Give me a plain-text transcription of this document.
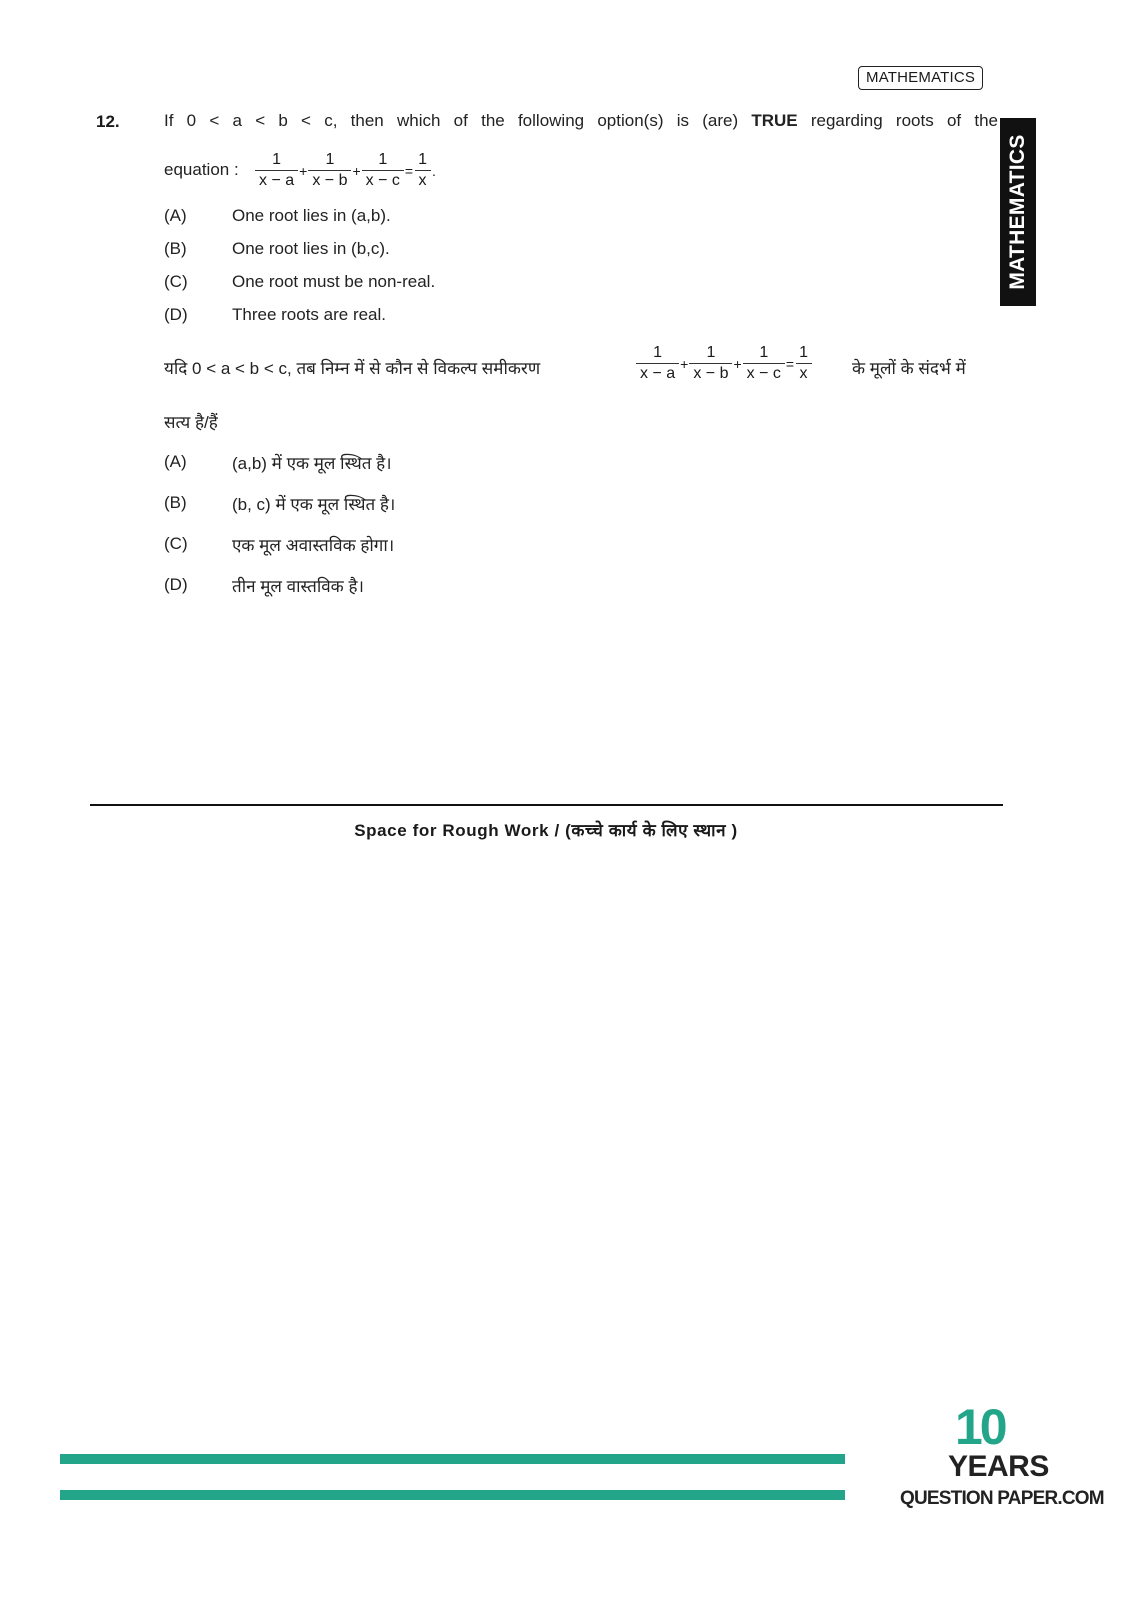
MATHEMATICS
MATHEMATICS
12.	If 0 < a < b < c, then which of the following option(s) is (are) TRUE regarding roots of the
equation : $\frac{1}{x - a} + \frac{1}{x - b} + \frac{1}{x - c} = \frac{1}{x}$ .
(A)	One root lies in (a,b).
(B)	One root lies in (b,c).
(C)	One root must be non-real.
(D)	Three roots are real.
यदि 0 < a < b < c, तब निम्न में से कौन से विकल्प समीकरण	$\frac{1}{x - a} + \frac{1}{x - b} + \frac{1}{x - c} = \frac{1}{x}$ के मूलों के संदर्भ में
सत्य है/हैं
(A)	(a,b) में एक मूल स्थित है।
(B)	(b, c) में एक मूल स्थित है।
(C)	एक मूल अवास्तविक होगा।
(D)	तीन मूल वास्तविक है।
Space for Rough Work / (कच्चे कार्य के लिए स्थान )
10
YEARS
QUESTION PAPER.COM
